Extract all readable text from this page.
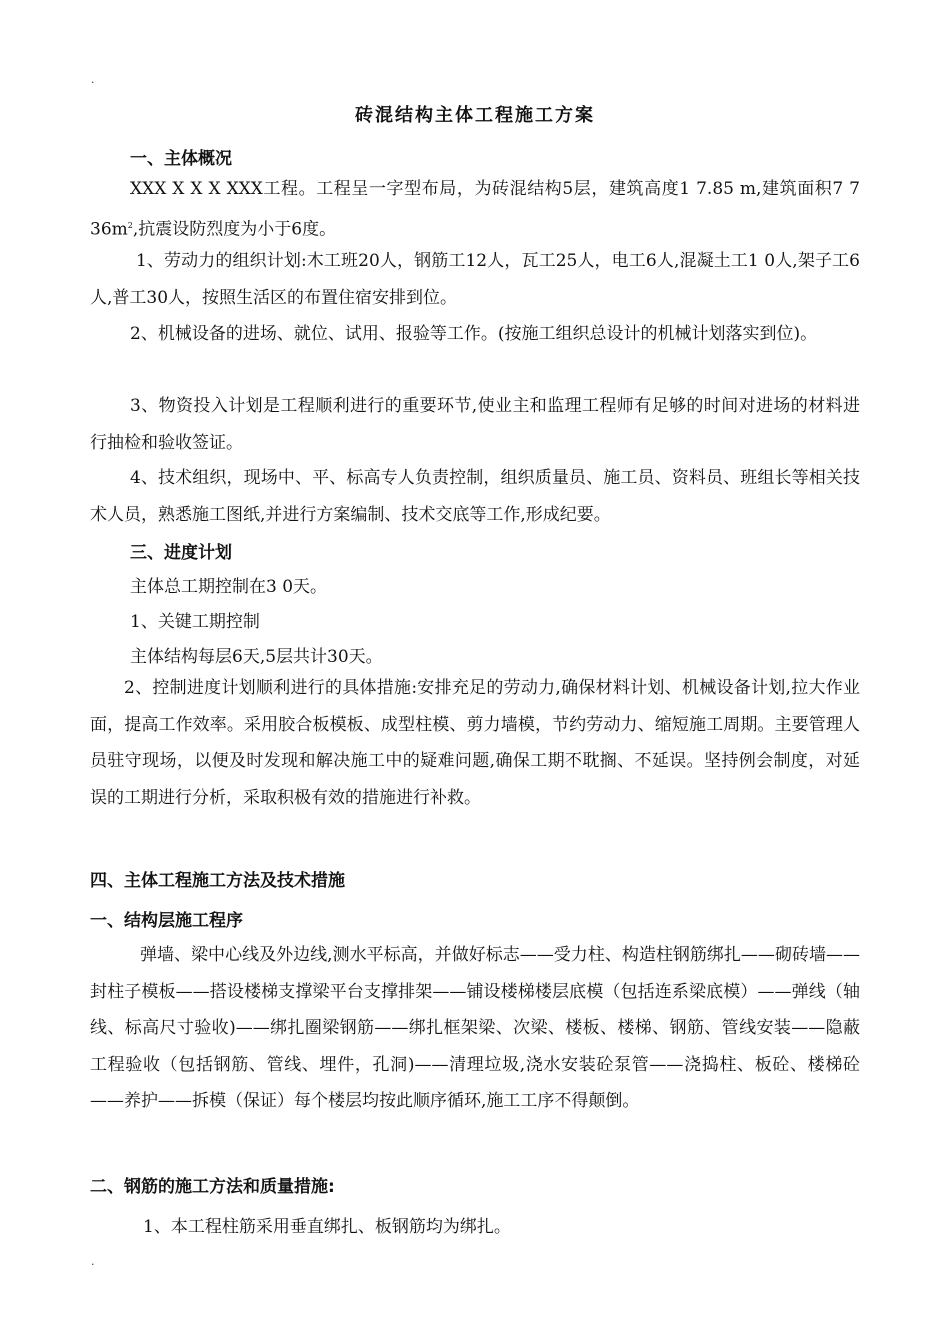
.
砖混结构主体工程施工方案
一、主体概况

XXX X X X XXX工程。工程呈一字型布局，为砖混结构5层，建筑高度1 7.85 m,建筑面积7 7 $36m^2$,抗震设防烈度为小于6度。

1、劳动力的组织计划:木工班20人，钢筋工12人，瓦工25人，电工6人,混凝土工1 0人,架子工6人,普工30人，按照生活区的布置住宿安排到位。

2、机械设备的进场、就位、试用、报验等工作。(按施工组织总设计的机械计划落实到位)。

3、物资投入计划是工程顺利进行的重要环节,使业主和监理工程师有足够的时间对进场的材料进行抽检和验收签证。

4、技术组织，现场中、平、标高专人负责控制，组织质量员、施工员、资料员、班组长等相关技术人员，熟悉施工图纸,并进行方案编制、技术交底等工作,形成纪要。

三、进度计划
主体总工期控制在3 0天。
1、关键工期控制
主体结构每层6天,5层共计30天。

2、控制进度计划顺利进行的具体措施:安排充足的劳动力,确保材料计划、机械设备计划,拉大作业面，提高工作效率。采用胶合板模板、成型柱模、剪力墙模，节约劳动力、缩短施工周期。主要管理人员驻守现场，以便及时发现和解决施工中的疑难问题,确保工期不耽搁、不延误。坚持例会制度，对延误的工期进行分析，采取积极有效的措施进行补救。

四、主体工程施工方法及技术措施
一、结构层施工程序

弹墙、梁中心线及外边线,测水平标高，并做好标志——受力柱、构造柱钢筋绑扎——砌砖墙——封柱子模板——搭设楼梯支撑梁平台支撑排架——铺设楼梯楼层底模（包括连系梁底模）——弹线（轴线、标高尺寸验收)——绑扎圈梁钢筋——绑扎框架梁、次梁、楼板、楼梯、钢筋、管线安装——隐蔽工程验收（包括钢筋、管线、埋件，孔洞)——清理垃圾,浇水安装砼泵管——浇捣柱、板砼、楼梯砼——养护——拆模（保证）每个楼层均按此顺序循环,施工工序不得颠倒。

二、钢筋的施工方法和质量措施:
1、本工程柱筋采用垂直绑扎、板钢筋均为绑扎。
.
